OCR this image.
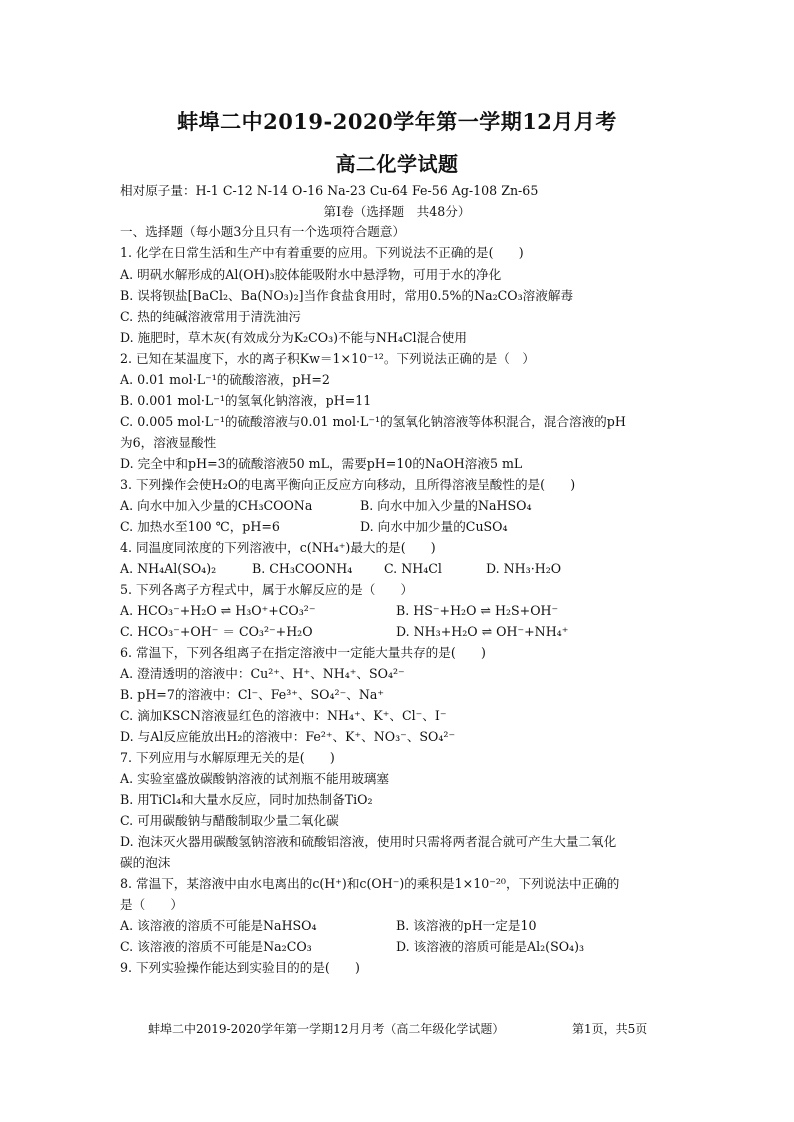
蚌埠二中2019-2020学年第一学期12月月考
高二化学试题
相对原子量：H-1 C-12 N-14 O-16 Na-23 Cu-64 Fe-56 Ag-108 Zn-65
第Ⅰ卷（选择题　共48分）
一、选择题（每小题3分且只有一个选项符合题意）
1. 化学在日常生活和生产中有着重要的应用。下列说法不正确的是(　　)
A. 明矾水解形成的Al(OH)₃胶体能吸附水中悬浮物，可用于水的净化
B. 误将钡盐[BaCl₂、Ba(NO₃)₂]当作食盐食用时，常用0.5%的Na₂CO₃溶液解毒
C. 热的纯碱溶液常用于清洗油污
D. 施肥时，草木灰(有效成分为K₂CO₃)不能与NH₄Cl混合使用
2. 已知在某温度下，水的离子积Kw＝1×10⁻¹²。下列说法正确的是（　）
A. 0.01 mol·L⁻¹的硫酸溶液，pH=2
B. 0.001 mol·L⁻¹的氢氧化钠溶液，pH=11
C. 0.005 mol·L⁻¹的硫酸溶液与0.01 mol·L⁻¹的氢氧化钠溶液等体积混合，混合溶液的pH
为6，溶液显酸性
D. 完全中和pH=3的硫酸溶液50 mL，需要pH=10的NaOH溶液5 mL
3. 下列操作会使H₂O的电离平衡向正反应方向移动，且所得溶液呈酸性的是(　　)
A. 向水中加入少量的CH₃COONa	B. 向水中加入少量的NaHSO₄
C. 加热水至100 ℃，pH=6	D. 向水中加少量的CuSO₄
4. 同温度同浓度的下列溶液中，c(NH₄⁺)最大的是(　　)
A. NH₄Al(SO₄)₂	B. CH₃COONH₄	C. NH₄Cl	D. NH₃·H₂O
5. 下列各离子方程式中，属于水解反应的是（　　）
A. HCO₃⁻+H₂O ⇌ H₃O⁺+CO₃²⁻	B. HS⁻+H₂O ⇌ H₂S+OH⁻
C. HCO₃⁻+OH⁻ ＝ CO₃²⁻+H₂O	D. NH₃+H₂O ⇌ OH⁻+NH₄⁺
6. 常温下，下列各组离子在指定溶液中一定能大量共存的是(　　)
A. 澄清透明的溶液中：Cu²⁺、H⁺、NH₄⁺、SO₄²⁻
B. pH=7的溶液中：Cl⁻、Fe³⁺、SO₄²⁻、Na⁺
C. 滴加KSCN溶液显红色的溶液中：NH₄⁺、K⁺、Cl⁻、I⁻
D. 与Al反应能放出H₂的溶液中：Fe²⁺、K⁺、NO₃⁻、SO₄²⁻
7. 下列应用与水解原理无关的是(　　)
A. 实验室盛放碳酸钠溶液的试剂瓶不能用玻璃塞
B. 用TiCl₄和大量水反应，同时加热制备TiO₂
C. 可用碳酸钠与醋酸制取少量二氧化碳
D. 泡沫灭火器用碳酸氢钠溶液和硫酸铝溶液，使用时只需将两者混合就可产生大量二氧化
碳的泡沫
8. 常温下，某溶液中由水电离出的c(H⁺)和c(OH⁻)的乘积是1×10⁻²⁰，下列说法中正确的
是（　　）
A. 该溶液的溶质不可能是NaHSO₄	B. 该溶液的pH一定是10
C. 该溶液的溶质不可能是Na₂CO₃	D. 该溶液的溶质可能是Al₂(SO₄)₃
9. 下列实验操作能达到实验目的的是(　　)
蚌埠二中2019-2020学年第一学期12月月考（高二年级化学试题）	第1页，共5页
